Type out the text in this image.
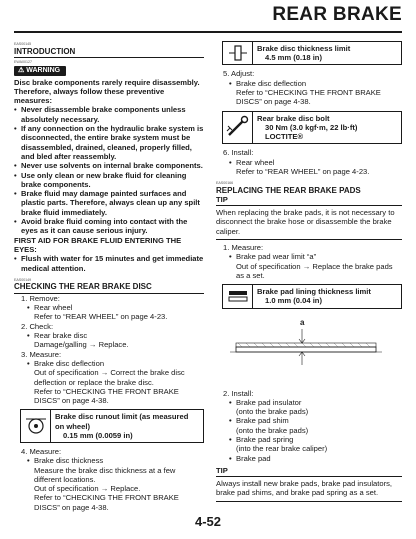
REAR BRAKE
EAS00145
INTRODUCTION
EWA00127
⚠ WARNING
Disc brake components rarely require disassembly. Therefore, always follow these preventive measures:
• Never disassemble brake components unless absolutely necessary.
• If any connection on the hydraulic brake system is disconnected, the entire brake system must be disassembled, drained, cleaned, properly filled, and bled after reassembly.
• Never use solvents on internal brake components.
• Use only clean or new brake fluid for cleaning brake components.
• Brake fluid may damage painted surfaces and plastic parts. Therefore, always clean up any spilt brake fluid immediately.
• Avoid brake fluid coming into contact with the eyes as it can cause serious injury.
FIRST AID FOR BRAKE FLUID ENTERING THE EYES:
• Flush with water for 15 minutes and get immediate medical attention.
EAS00149
CHECKING THE REAR BRAKE DISC
1. Remove:
• Rear wheel
Refer to “REAR WHEEL” on page 4-23.
2. Check:
• Rear brake disc
Damage/galling → Replace.
3. Measure:
• Brake disc deflection
Out of specification → Correct the brake disc deflection or replace the brake disc.
Refer to “CHECKING THE FRONT BRAKE DISCS” on page 4-38.
Brake disc runout limit (as measured on wheel)
0.15 mm (0.0059 in)
4. Measure:
• Brake disc thickness
Measure the brake disc thickness at a few different locations.
Out of specification → Replace.
Refer to “CHECKING THE FRONT BRAKE DISCS” on page 4-38.
Brake disc thickness limit
4.5 mm (0.18 in)
5. Adjust:
• Brake disc deflection
Refer to “CHECKING THE FRONT BRAKE DISCS” on page 4-38.
Rear brake disc bolt
30 Nm (3.0 kgf·m, 22 lb·ft)
LOCTITE®
6. Install:
• Rear wheel
Refer to “REAR WHEEL” on page 4-23.
EAS00166
REPLACING THE REAR BRAKE PADS
TIP
When replacing the brake pads, it is not necessary to disconnect the brake hose or disassemble the brake caliper.
1. Measure:
• Brake pad wear limit “a”
Out of specification → Replace the brake pads as a set.
Brake pad lining thickness limit
1.0 mm (0.04 in)
a
2. Install:
• Brake pad insulator
(onto the brake pads)
• Brake pad shim
(onto the brake pads)
• Brake pad spring
(into the rear brake caliper)
• Brake pad
TIP
Always install new brake pads, brake pad insulators, brake pad shims, and brake pad spring as a set.
4-52
